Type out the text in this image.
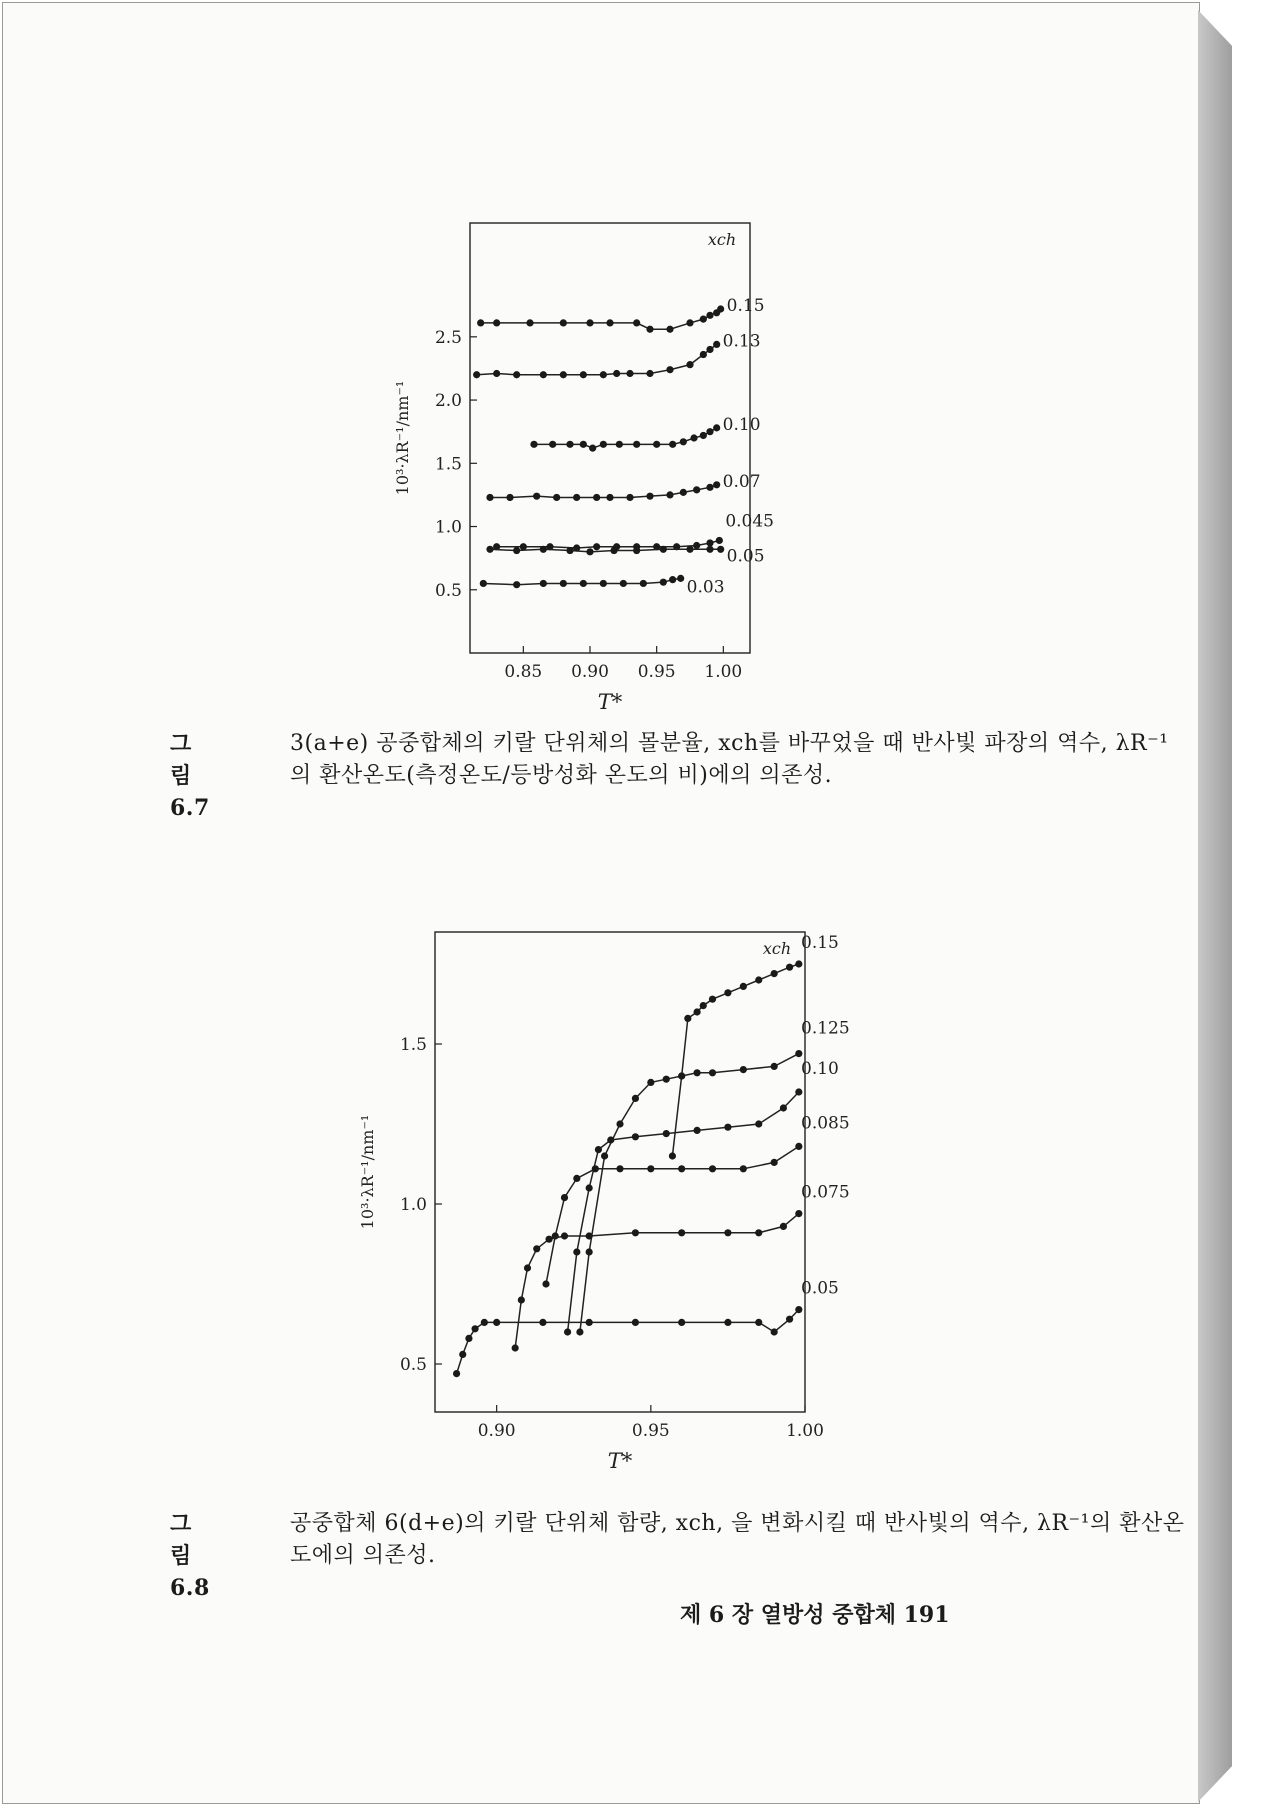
0.85 0.90 0.95 1.00
0.5
1.0
1.5
2.0
2.5
T*
10³·λR⁻¹/nm⁻¹
xch
0.15
0.13
0.10
0.07
0.045
0.05
0.03
그림 6.7
3(a+e) 공중합체의 키랄 단위체의 몰분율, xch를 바꾸었을 때 반사빛 파장의 역수, λR⁻¹의 환산온도(측정온도/등방성화 온도의 비)에의 의존성.
0.90	0.95	1.00
0.5
1.0
1.5
T*
10³·λR⁻¹/nm⁻¹
xch 0.15
0.125
0.10
0.085
0.075
0.05
그림 6.8
공중합체 6(d+e)의 키랄 단위체 함량, xch, 을 변화시킬 때 반사빛의 역수, λR⁻¹의 환산온도에의 의존성.
제 6 장 열방성 중합체 191
